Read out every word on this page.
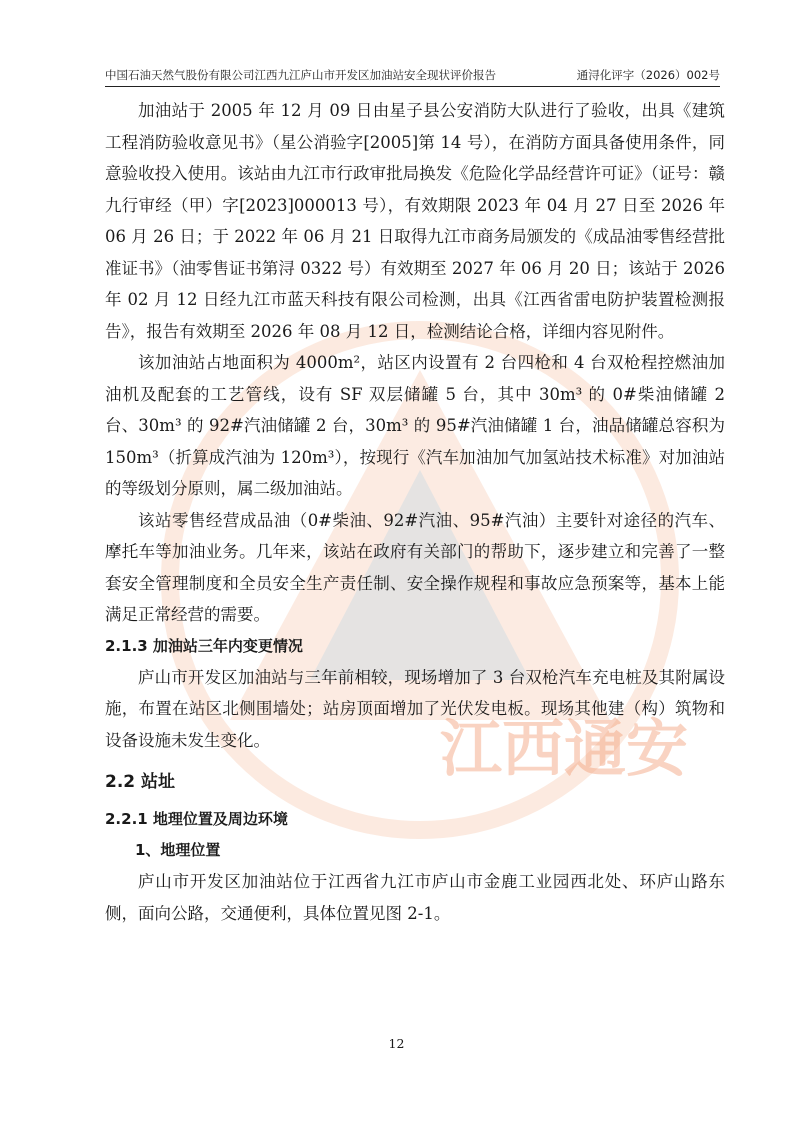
中国石油天然气股份有限公司江西九江庐山市开发区加油站安全现状评价报告	通浔化评字（2026）002号
江西通安

加油站于 2005 年 12 月 09 日由星子县公安消防大队进行了验收，出具《建筑工程消防验收意见书》（星公消验字[2005]第 14 号），在消防方面具备使用条件，同意验收投入使用。该站由九江市行政审批局换发《危险化学品经营许可证》（证号：赣九行审经（甲）字[2023]000013 号），有效期限 2023 年 04 月 27 日至 2026 年 06 月 26 日；于 2022 年 06 月 21 日取得九江市商务局颁发的《成品油零售经营批准证书》（油零售证书第浔 0322 号）有效期至 2027 年 06 月 20 日；该站于 2026 年 02 月 12 日经九江市蓝天科技有限公司检测，出具《江西省雷电防护装置检测报告》，报告有效期至 2026 年 08 月 12 日，检测结论合格，详细内容见附件。

该加油站占地面积为 4000m²，站区内设置有 2 台四枪和 4 台双枪程控燃油加油机及配套的工艺管线，设有 SF 双层储罐 5 台，其中 30m³ 的 0#柴油储罐 2 台、30m³ 的 92#汽油储罐 2 台，30m³ 的 95#汽油储罐 1 台，油品储罐总容积为 150m³（折算成汽油为 120m³），按现行《汽车加油加气加氢站技术标准》对加油站的等级划分原则，属二级加油站。

该站零售经营成品油（0#柴油、92#汽油、95#汽油）主要针对途径的汽车、摩托车等加油业务。几年来，该站在政府有关部门的帮助下，逐步建立和完善了一整套安全管理制度和全员安全生产责任制、安全操作规程和事故应急预案等，基本上能满足正常经营的需要。

2.1.3 加油站三年内变更情况

庐山市开发区加油站与三年前相较，现场增加了 3 台双枪汽车充电桩及其附属设施，布置在站区北侧围墙处；站房顶面增加了光伏发电板。现场其他建（构）筑物和设备设施未发生变化。

2.2 站址

2.2.1 地理位置及周边环境

1、地理位置

庐山市开发区加油站位于江西省九江市庐山市金鹿工业园西北处、环庐山路东侧，面向公路，交通便利，具体位置见图 2-1。

12
